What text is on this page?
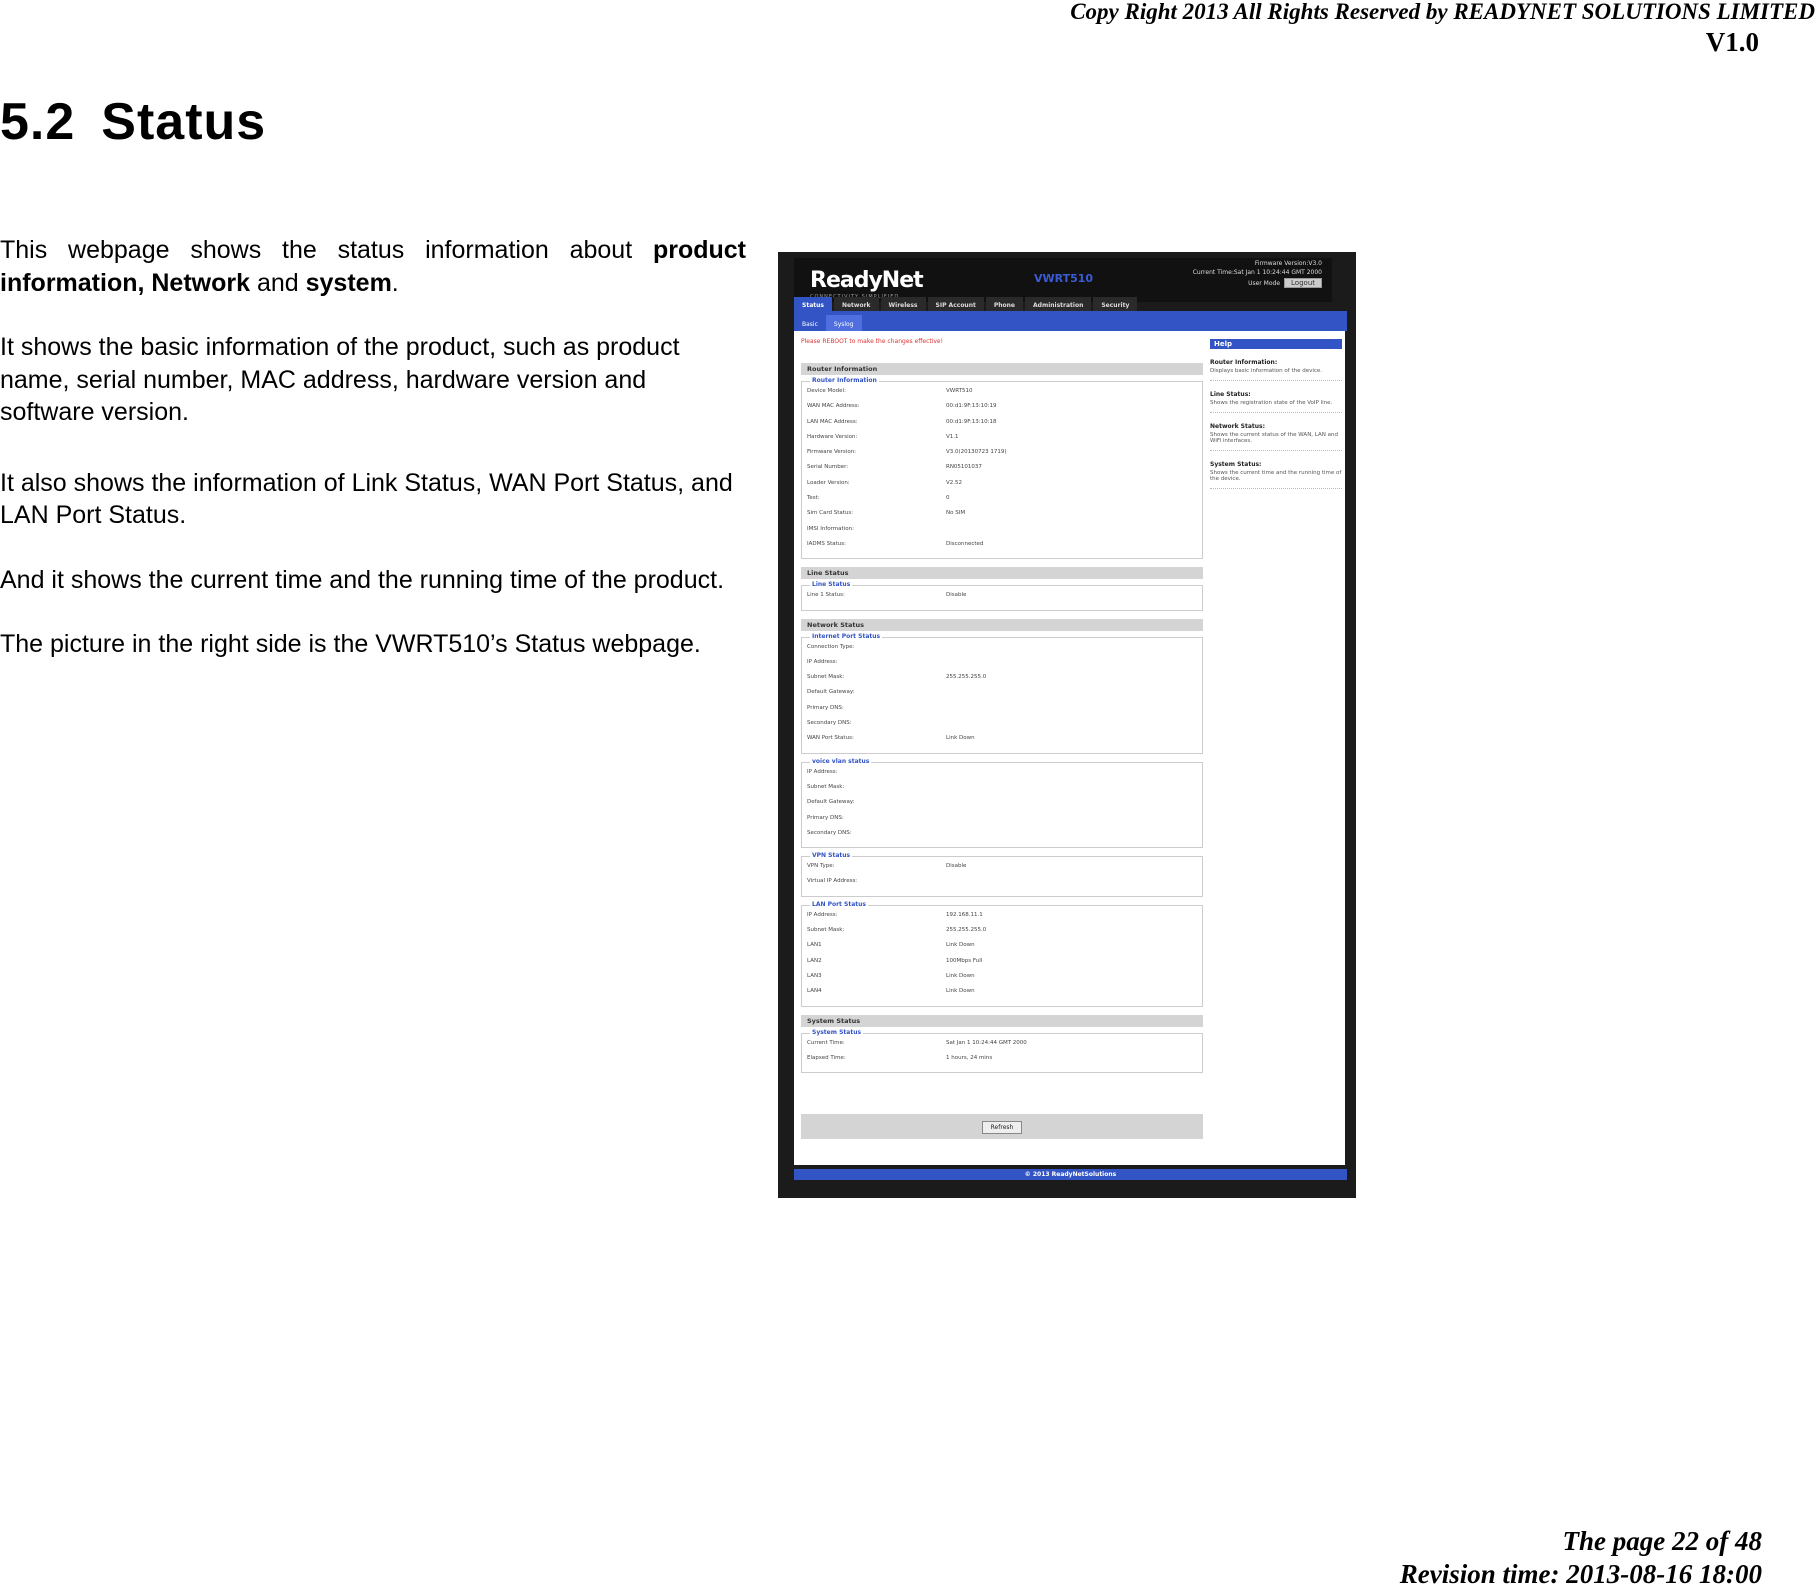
Copy Right 2013 All Rights Reserved by READYNET SOLUTIONS LIMITED
V1.0
5.2 Status

This webpage shows the status information about product information, Network and system.

It shows the basic information of the product, such as product name, serial number, MAC address, hardware version and software version.

It also shows the information of Link Status, WAN Port Status, and LAN Port Status.

And it shows the current time and the running time of the product.

The picture in the right side is the VWRT510’s Status webpage.

ReadyNet	VWRT510
Firmware Version:V3.0
Current Time:Sat Jan 1 10:24:44 GMT 2000
User Mode Logout
Status	Network	Wireless	SIP Account	Phone	Administration	Security
Basic	Syslog
Please REBOOT to make the changes effective!
Router Information
Router Information
Device Model:	VWRT510
WAN MAC Address:	00:d1:9F:13:10:19
LAN MAC Address:	00:d1:9F:13:10:18
Hardware Version:	V1.1
Firmware Version:	V3.0(20130723 1719)
Serial Number:	RN05101037
Loader Version:	V2.52
Test:	0
Sim Card Status:	No SIM
IMSI Information:
IADMS Status:	Disconnected
Line Status
Line Status
Line 1 Status:	Disable
Network Status
Internet Port Status
Connection Type:
IP Address:
Subnet Mask:	255.255.255.0
Default Gateway:
Primary DNS:
Secondary DNS:
WAN Port Status:	Link Down
voice vlan status
IP Address:
Subnet Mask:
Default Gateway:
Primary DNS:
Secondary DNS:
VPN Status
VPN Type:	Disable
Virtual IP Address:
LAN Port Status
IP Address:	192.168.11.1
Subnet Mask:	255.255.255.0
LAN1	Link Down
LAN2	100Mbps Full
LAN3	Link Down
LAN4	Link Down
System Status
System Status
Current Time:	Sat Jan 1 10:24:44 GMT 2000
Elapsed Time:	1 hours, 24 mins
Help
Router Information:
Displays basic information of the device.
Line Status:
Shows the registration state of the VoIP line.
Network Status:
Shows the current status of the WAN, LAN and WiFi interfaces.
System Status:
Shows the current time and the running time of the device.
Refresh
© 2013 ReadyNetSolutions
The page 22 of 48
Revision time: 2013-08-16 18:00
